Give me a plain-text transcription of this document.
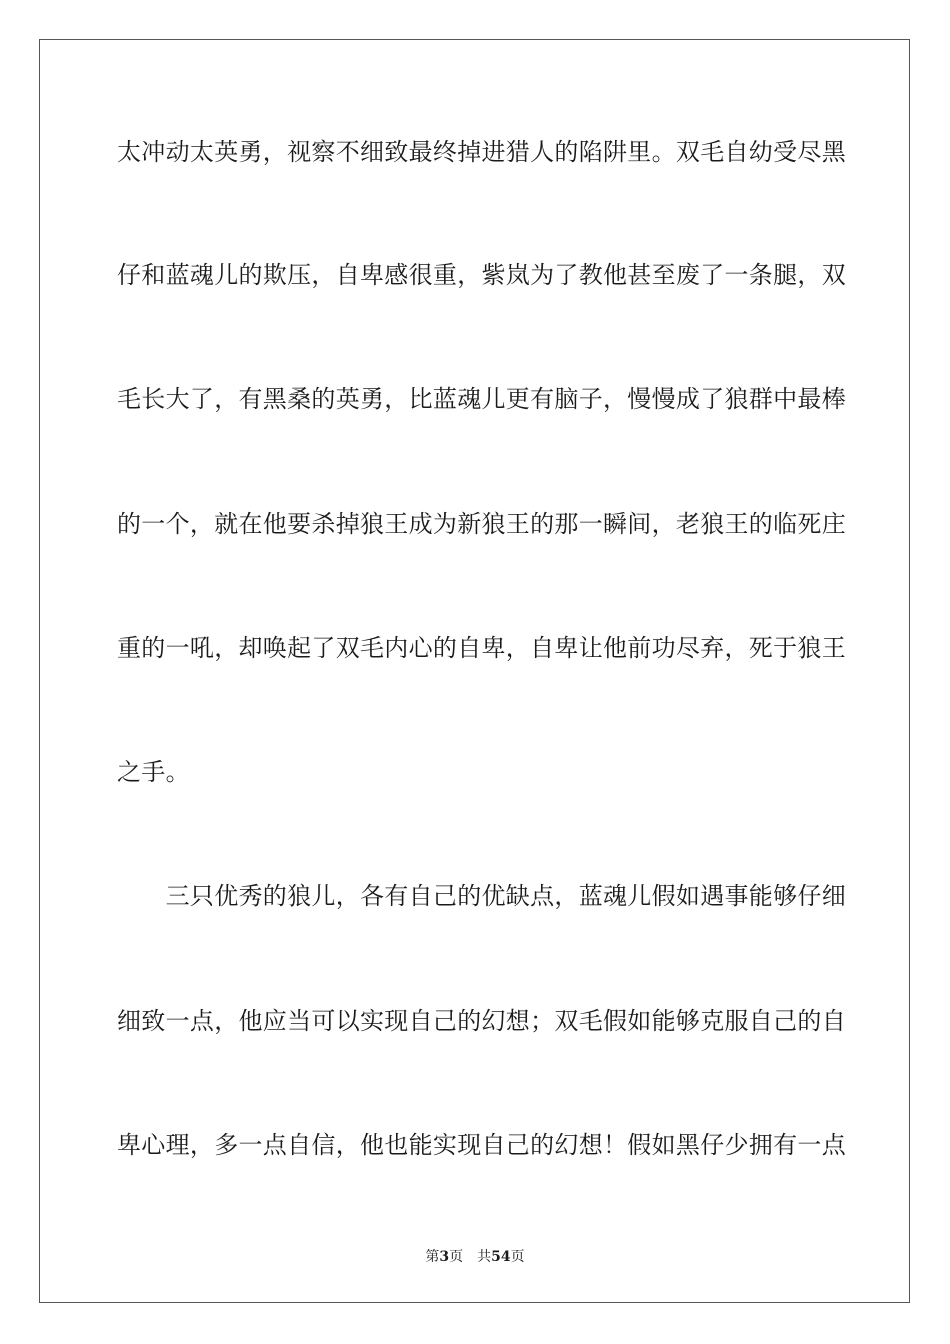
太冲动太英勇，视察不细致最终掉进猎人的陷阱里。双毛自幼受尽黑
仔和蓝魂儿的欺压，自卑感很重，紫岚为了教他甚至废了一条腿，双
毛长大了，有黑桑的英勇，比蓝魂儿更有脑子，慢慢成了狼群中最棒
的一个，就在他要杀掉狼王成为新狼王的那一瞬间，老狼王的临死庄
重的一吼，却唤起了双毛内心的自卑，自卑让他前功尽弃，死于狼王
之手。
　　三只优秀的狼儿，各有自己的优缺点，蓝魂儿假如遇事能够仔细
细致一点，他应当可以实现自己的幻想；双毛假如能够克服自己的自
卑心理，多一点自信，他也能实现自己的幻想！假如黑仔少拥有一点
第3页 共54页
